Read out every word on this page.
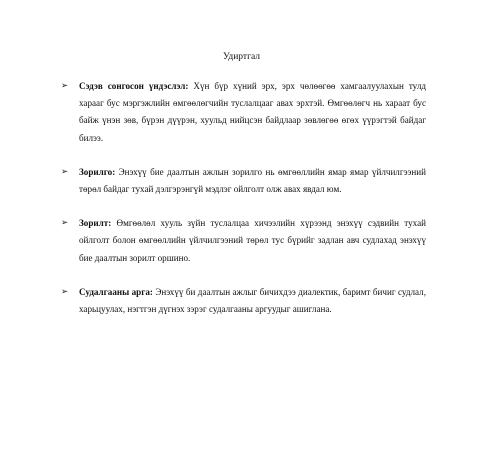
Удиртгал
➢ Сэдэв сонгосон үндэслэл: Хүн бүр хүний эрх, эрх чөлөөгөө хамгаалуулахын тулд харааг бус мэргэжлийн өмгөөлөгчийн туслалцааг авах эрхтэй. Өмгөөлөгч нь хараат бус байж үнэн зөв, бүрэн дүүрэн, хуульд нийцсэн байдлаар зөвлөгөө өгөх үүрэгтэй байдаг билээ.
➢ Зорилго: Энэхүү бие даалтын ажлын зорилго нь өмгөөллийн ямар ямар үйлчилгээний төрөл байдаг тухай дэлгэрэнгүй мэдлэг ойлголт олж авах явдал юм.
➢ Зорилт: Өмгөөлөл хууль зүйн туслалцаа хичээлийн хүрээнд энэхүү сэдвийн тухай ойлголт болон өмгөөллийн үйлчилгээний төрөл тус бүрийг задлан авч судлахад энэхүү бие даалтын зорилт оршино.
➢ Судалгааны арга: Энэхүү би даалтын ажлыг бичихдээ диалектик, баримт бичиг судлал, харьцуулах, нэгтгэн дүгнэх зэрэг судалгааны аргуудыг ашиглана.
